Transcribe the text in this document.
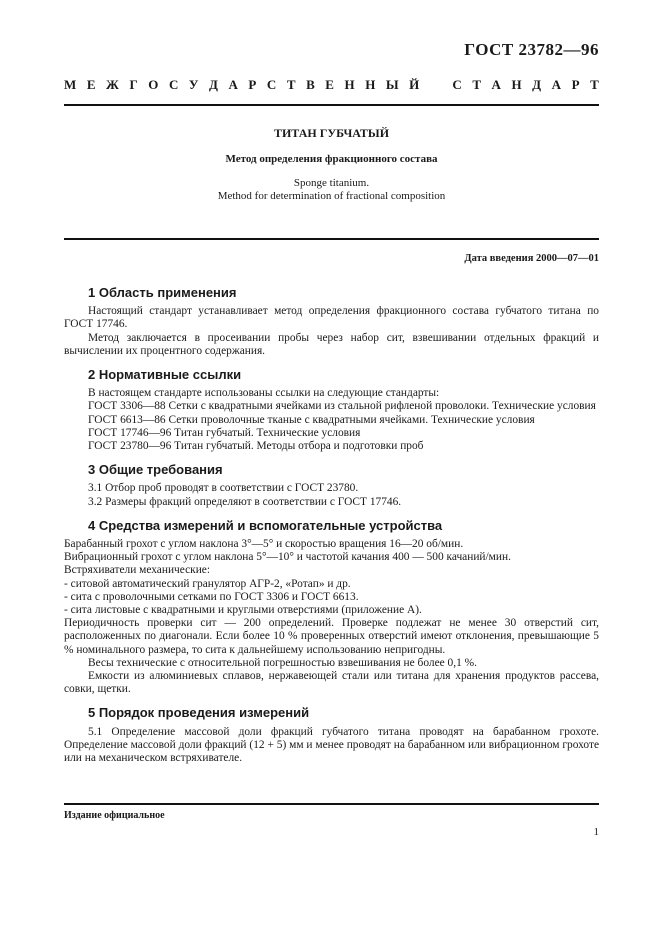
ГОСТ 23782—96
М Е Ж Г О С У Д А Р С Т В Е Н Н Ы Й	С Т А Н Д А Р Т
ТИТАН ГУБЧАТЫЙ
Метод определения фракционного состава
Sponge titanium.
Method for determination of fractional composition
Дата введения 2000—07—01
1 Область применения

Настоящий стандарт устанавливает метод определения фракционного состава губчатого титана по ГОСТ 17746.

Метод заключается в просеивании пробы через набор сит, взвешивании отдельных фракций и вычислении их процентного содержания.

2 Нормативные ссылки

В настоящем стандарте использованы ссылки на следующие стандарты:

ГОСТ 3306—88 Сетки с квадратными ячейками из стальной рифленой проволоки. Технические условия

ГОСТ 6613—86 Сетки проволочные тканые с квадратными ячейками. Технические условия

ГОСТ 17746—96 Титан губчатый. Технические условия

ГОСТ 23780—96 Титан губчатый. Методы отбора и подготовки проб

3 Общие требования

3.1 Отбор проб проводят в соответствии с ГОСТ 23780.

3.2 Размеры фракций определяют в соответствии с ГОСТ 17746.

4 Средства измерений и вспомогательные устройства

Барабанный грохот с углом наклона 3°—5° и скоростью вращения 16—20 об/мин.

Вибрационный грохот с углом наклона 5°—10° и частотой качания 400 — 500 качаний/мин.

Встряхиватели механические:

- ситовой автоматический гранулятор АГР-2, «Ротап» и др.

- сита с проволочными сетками по ГОСТ 3306 и ГОСТ 6613.

- сита листовые с квадратными и круглыми отверстиями (приложение А).

Периодичность проверки сит — 200 определений. Проверке подлежат не менее 30 отверстий сит, расположенных по диагонали. Если более 10 % проверенных отверстий имеют отклонения, превышающие 5 % номинального размера, то сита к дальнейшему использованию непригодны.

Весы технические с относительной погрешностью взвешивания не более 0,1 %.

Емкости из алюминиевых сплавов, нержавеющей стали или титана для хранения продуктов рассева, совки, щетки.

5 Порядок проведения измерений

5.1 Определение массовой доли фракций губчатого титана проводят на барабанном грохоте. Определение массовой доли фракций (12 + 5) мм и менее проводят на барабанном или вибрационном грохоте или на механическом встряхивателе.

Издание официальное
1
